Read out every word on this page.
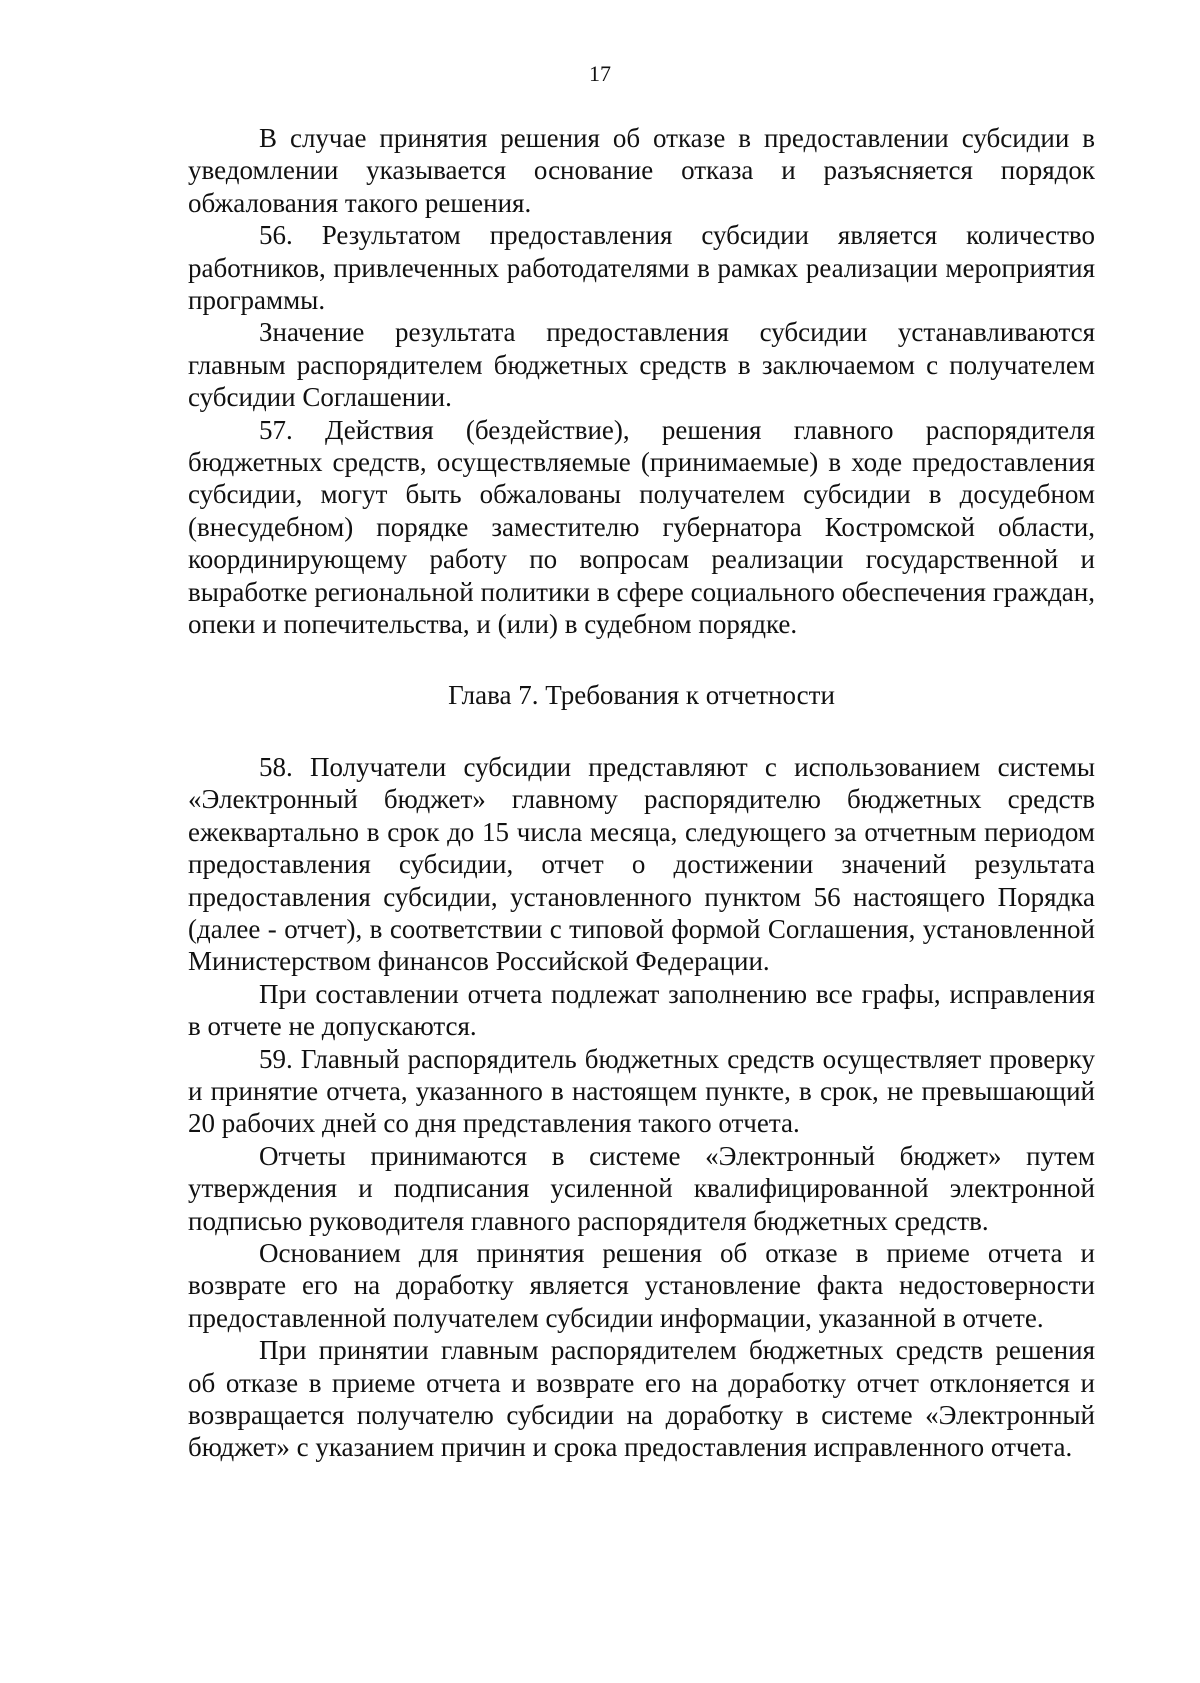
17

В случае принятия решения об отказе в предоставлении субсидии в уведомлении указывается основание отказа и разъясняется порядок обжалования такого решения.

56. Результатом предоставления субсидии является количество работников, привлеченных работодателями в рамках реализации мероприятия программы.

Значение результата предоставления субсидии устанавливаются главным распорядителем бюджетных средств в заключаемом с получателем субсидии Соглашении.

57. Действия (бездействие), решения главного распорядителя бюджетных средств, осуществляемые (принимаемые) в ходе предоставления субсидии, могут быть обжалованы получателем субсидии в досудебном (внесудебном) порядке заместителю губернатора Костромской области, координирующему работу по вопросам реализации государственной и выработке региональной политики в сфере социального обеспечения граждан, опеки и попечительства, и (или) в судебном порядке.

Глава 7. Требования к отчетности

58. Получатели субсидии представляют с использованием системы «Электронный бюджет» главному распорядителю бюджетных средств ежеквартально в срок до 15 числа месяца, следующего за отчетным периодом предоставления субсидии, отчет о достижении значений результата предоставления субсидии, установленного пунктом 56 настоящего Порядка (далее - отчет), в соответствии с типовой формой Соглашения, установленной Министерством финансов Российской Федерации.

При составлении отчета подлежат заполнению все графы, исправления в отчете не допускаются.

59. Главный распорядитель бюджетных средств осуществляет проверку и принятие отчета, указанного в настоящем пункте, в срок, не превышающий 20 рабочих дней со дня представления такого отчета.

Отчеты принимаются в системе «Электронный бюджет» путем утверждения и подписания усиленной квалифицированной электронной подписью руководителя главного распорядителя бюджетных средств.

Основанием для принятия решения об отказе в приеме отчета и возврате его на доработку является установление факта недостоверности предоставленной получателем субсидии информации, указанной в отчете.

При принятии главным распорядителем бюджетных средств решения об отказе в приеме отчета и возврате его на доработку отчет отклоняется и возвращается получателю субсидии на доработку в системе «Электронный бюджет» с указанием причин и срока предоставления исправленного отчета.
